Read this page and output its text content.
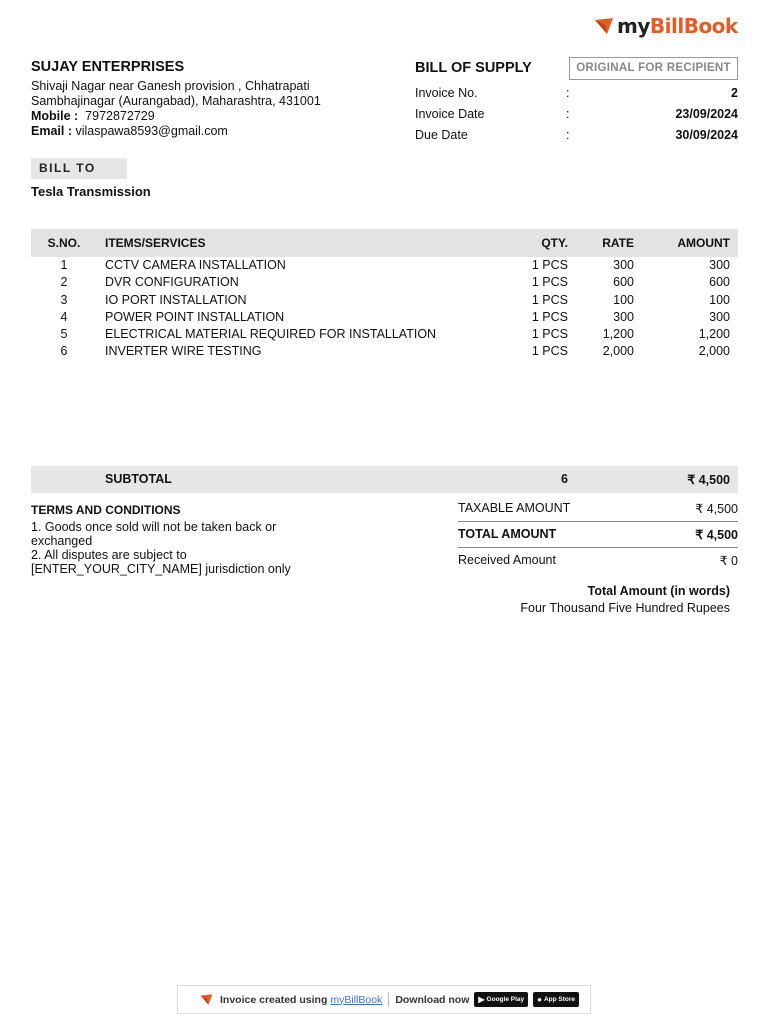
myBillBook
SUJAY ENTERPRISES
Shivaji Nagar near Ganesh provision , Chhatrapati
Sambhajinagar (Aurangabad), Maharashtra, 431001
Mobile : 7972872729
Email : vilaspawa8593@gmail.com
BILL OF SUPPLY	ORIGINAL FOR RECIPIENT
Invoice No.	:	2
Invoice Date	:	23/09/2024
Due Date	:	30/09/2024
BILL TO
Tesla Transmission
S.NO.	ITEMS/SERVICES	QTY.	RATE	AMOUNT
1	CCTV CAMERA INSTALLATION	1 PCS	300	300
2	DVR CONFIGURATION	1 PCS	600	600
3	IO PORT INSTALLATION	1 PCS	100	100
4	POWER POINT INSTALLATION	1 PCS	300	300
5	ELECTRICAL MATERIAL REQUIRED FOR INSTALLATION	1 PCS	1,200	1,200
6	INVERTER WIRE TESTING	1 PCS	2,000	2,000
SUBTOTAL	6	₹ 4,500
TERMS AND CONDITIONS
1. Goods once sold will not be taken back or exchanged
2. All disputes are subject to [ENTER_YOUR_CITY_NAME] jurisdiction only
TAXABLE AMOUNT	₹ 4,500
TOTAL AMOUNT	₹ 4,500
Received Amount	₹ 0
Total Amount (in words)
Four Thousand Five Hundred Rupees
Invoice created using myBillBook Download now ▶ Google Play ● App Store
